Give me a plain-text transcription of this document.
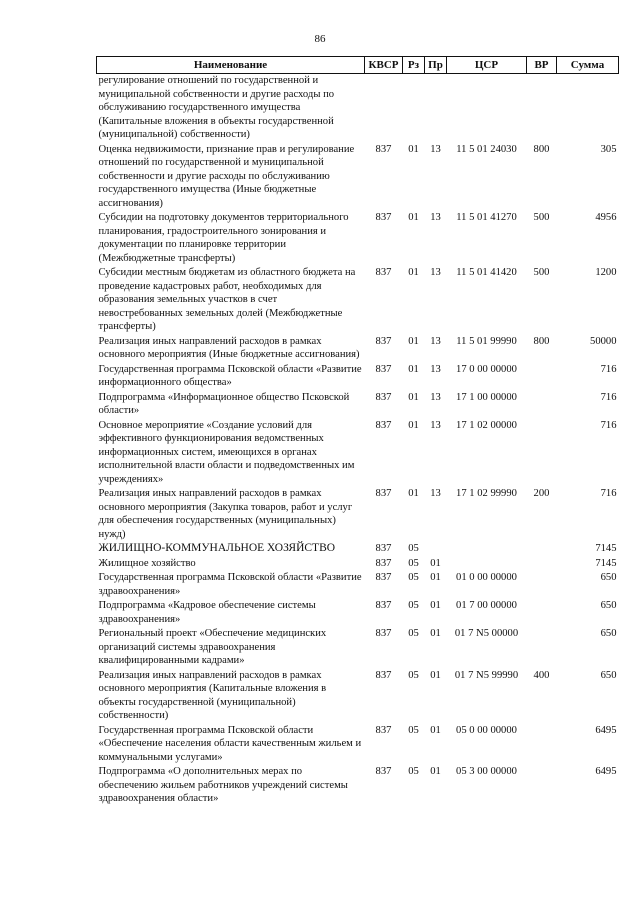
86
Наименование	КВСР	Рз	Пр	ЦСР	ВР	Сумма
регулирование отношений по государственной и муниципальной собственности и другие расходы по обслуживанию государственного имущества (Капитальные вложения в объекты государственной (муниципальной) собственности)						
Оценка недвижимости, признание прав и регулирование отношений по государственной и муниципальной собственности и другие расходы по обслуживанию государственного имущества (Иные бюджетные ассигнования)	837	01	13	11 5 01 24030	800	305
Субсидии на подготовку документов территориального планирования, градостроительного зонирования и документации по планировке территории (Межбюджетные трансферты)	837	01	13	11 5 01 41270	500	4956
Субсидии местным бюджетам из областного бюджета на проведение кадастровых работ, необходимых для образования земельных участков в счет невостребованных земельных долей (Межбюджетные трансферты)	837	01	13	11 5 01 41420	500	1200
Реализация иных направлений расходов в рамках основного мероприятия (Иные бюджетные ассигнования)	837	01	13	11 5 01 99990	800	50000
Государственная программа Псковской области «Развитие информационного общества»	837	01	13	17 0 00 00000		716
Подпрограмма «Информационное общество Псковской области»	837	01	13	17 1 00 00000		716
Основное мероприятие «Создание условий для эффективного функционирования ведомственных информационных систем, имеющихся в органах исполнительной власти области и подведомственных им учреждениях»	837	01	13	17 1 02 00000		716
Реализация иных направлений расходов в рамках основного мероприятия (Закупка товаров, работ и услуг для обеспечения государственных (муниципальных) нужд)	837	01	13	17 1 02 99990	200	716
ЖИЛИЩНО-КОММУНАЛЬНОЕ ХОЗЯЙСТВО	837	05				7145
Жилищное хозяйство	837	05	01			7145
Государственная программа Псковской области «Развитие здравоохранения»	837	05	01	01 0 00 00000		650
Подпрограмма «Кадровое обеспечение системы здравоохранения»	837	05	01	01 7 00 00000		650
Региональный проект «Обеспечение медицинских организаций системы здравоохранения квалифицированными кадрами»	837	05	01	01 7 N5 00000		650
Реализация иных направлений расходов в рамках основного мероприятия (Капитальные вложения в объекты государственной (муниципальной) собственности)	837	05	01	01 7 N5 99990	400	650
Государственная программа Псковской области «Обеспечение населения области качественным жильем и коммунальными услугами»	837	05	01	05 0 00 00000		6495
Подпрограмма «О дополнительных мерах по обеспечению жильем работников учреждений системы здравоохранения области»	837	05	01	05 3 00 00000		6495
